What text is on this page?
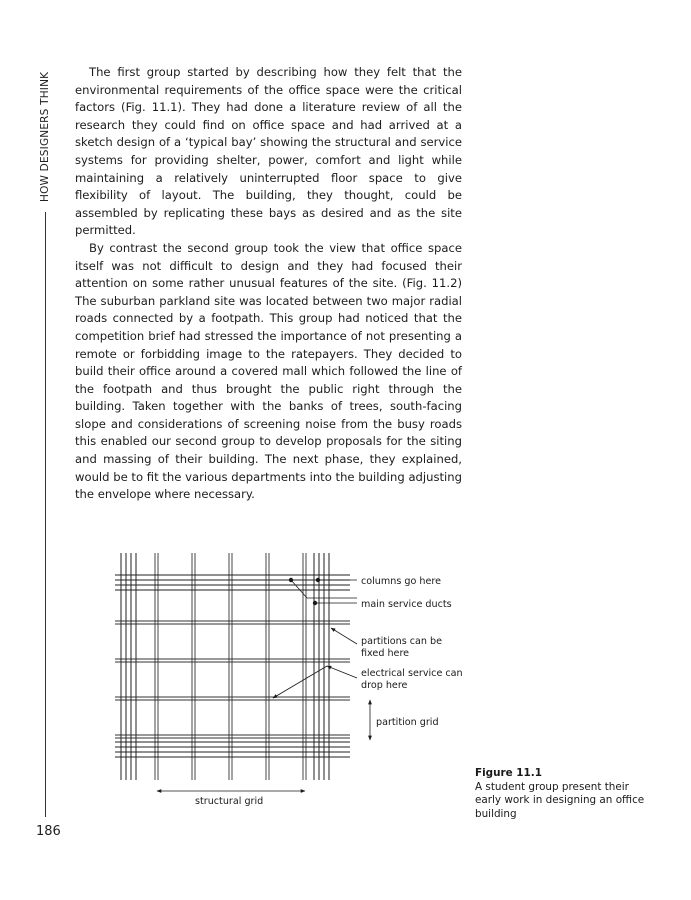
HOW DESIGNERS THINK
186

The first group started by describing how they felt that the environmental requirements of the office space were the critical factors (Fig. 11.1). They had done a literature review of all the research they could find on office space and had arrived at a sketch design of a ‘typical bay’ showing the structural and service systems for providing shelter, power, comfort and light while maintaining a relatively uninterrupted floor space to give flexibility of layout. The building, they thought, could be assembled by replicating these bays as desired and as the site permitted.

By contrast the second group took the view that office space itself was not difficult to design and they had focused their attention on some rather unusual features of the site. (Fig. 11.2) The suburban parkland site was located between two major radial roads connected by a footpath. This group had noticed that the competition brief had stressed the importance of not presenting a remote or forbidding image to the ratepayers. They decided to build their office around a covered mall which followed the line of the footpath and thus brought the public right through the building. Taken together with the banks of trees, south-facing slope and considerations of screening noise from the busy roads this enabled our second group to develop proposals for the siting and massing of their building. The next phase, they explained, would be to fit the various departments into the building adjusting the envelope where necessary.

columns go here
main service ducts
partitions can be
fixed here
electrical service can
drop here
partition grid
structural grid
Figure 11.1
A student group present their early work in designing an office building
